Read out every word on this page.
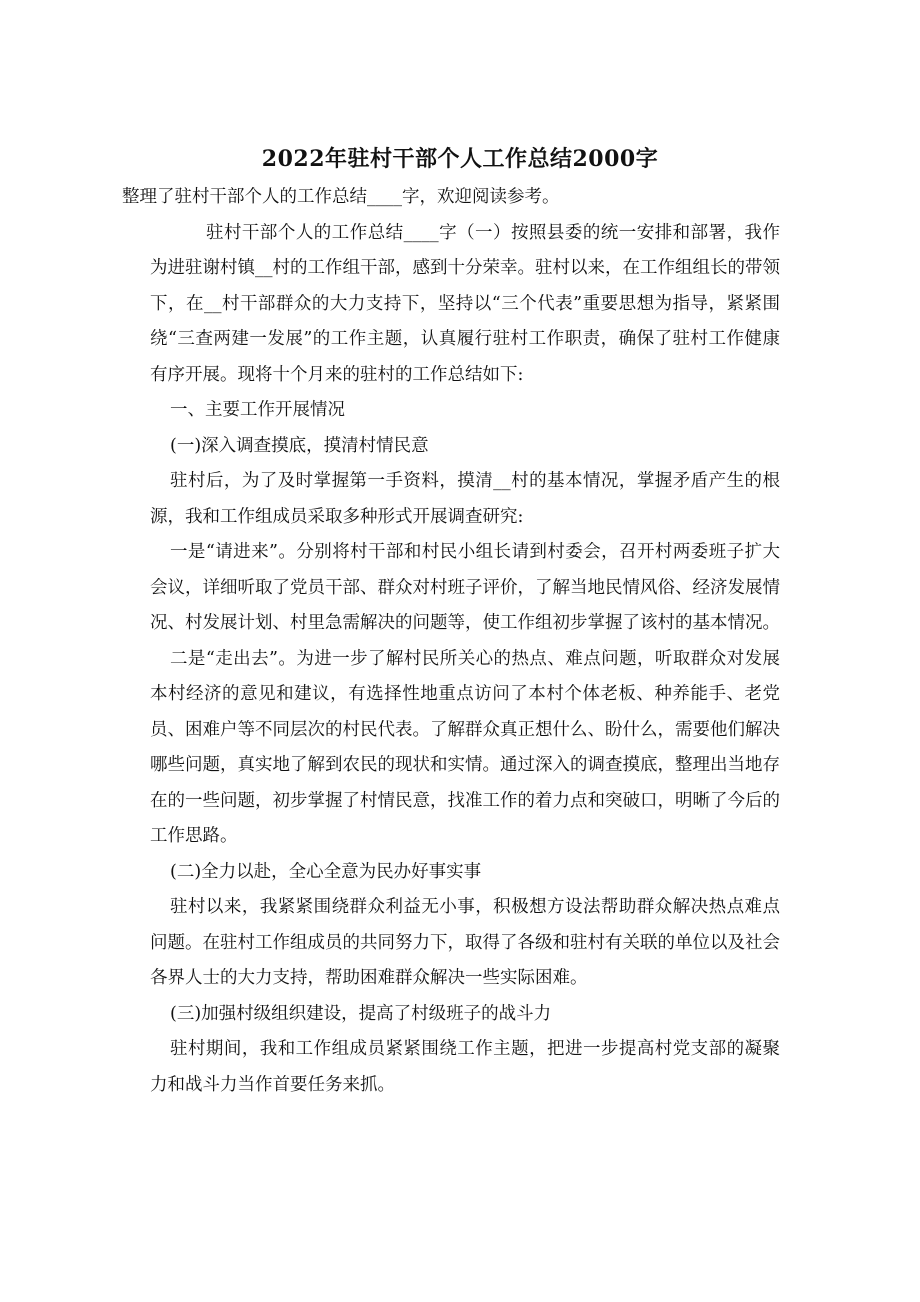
2022年驻村干部个人工作总结2000字

整理了驻村干部个人的工作总结____字，欢迎阅读参考。

驻村干部个人的工作总结____字（一）按照县委的统一安排和部署，我作为进驻谢村镇__村的工作组干部，感到十分荣幸。驻村以来，在工作组组长的带领下，在__村干部群众的大力支持下，坚持以“三个代表”重要思想为指导，紧紧围绕“三查两建一发展”的工作主题，认真履行驻村工作职责，确保了驻村工作健康有序开展。现将十个月来的驻村的工作总结如下:

一、主要工作开展情况

(一)深入调查摸底，摸清村情民意

驻村后，为了及时掌握第一手资料，摸清__村的基本情况，掌握矛盾产生的根源，我和工作组成员采取多种形式开展调查研究:

一是“请进来”。分别将村干部和村民小组长请到村委会，召开村两委班子扩大会议，详细听取了党员干部、群众对村班子评价，了解当地民情风俗、经济发展情况、村发展计划、村里急需解决的问题等，使工作组初步掌握了该村的基本情况。

二是“走出去”。为进一步了解村民所关心的热点、难点问题，听取群众对发展本村经济的意见和建议，有选择性地重点访问了本村个体老板、种养能手、老党员、困难户等不同层次的村民代表。了解群众真正想什么、盼什么，需要他们解决哪些问题，真实地了解到农民的现状和实情。通过深入的调查摸底，整理出当地存在的一些问题，初步掌握了村情民意，找准工作的着力点和突破口，明晰了今后的工作思路。

(二)全力以赴，全心全意为民办好事实事

驻村以来，我紧紧围绕群众利益无小事，积极想方设法帮助群众解决热点难点问题。在驻村工作组成员的共同努力下，取得了各级和驻村有关联的单位以及社会各界人士的大力支持，帮助困难群众解决一些实际困难。

(三)加强村级组织建设，提高了村级班子的战斗力

驻村期间，我和工作组成员紧紧围绕工作主题，把进一步提高村党支部的凝聚力和战斗力当作首要任务来抓。
